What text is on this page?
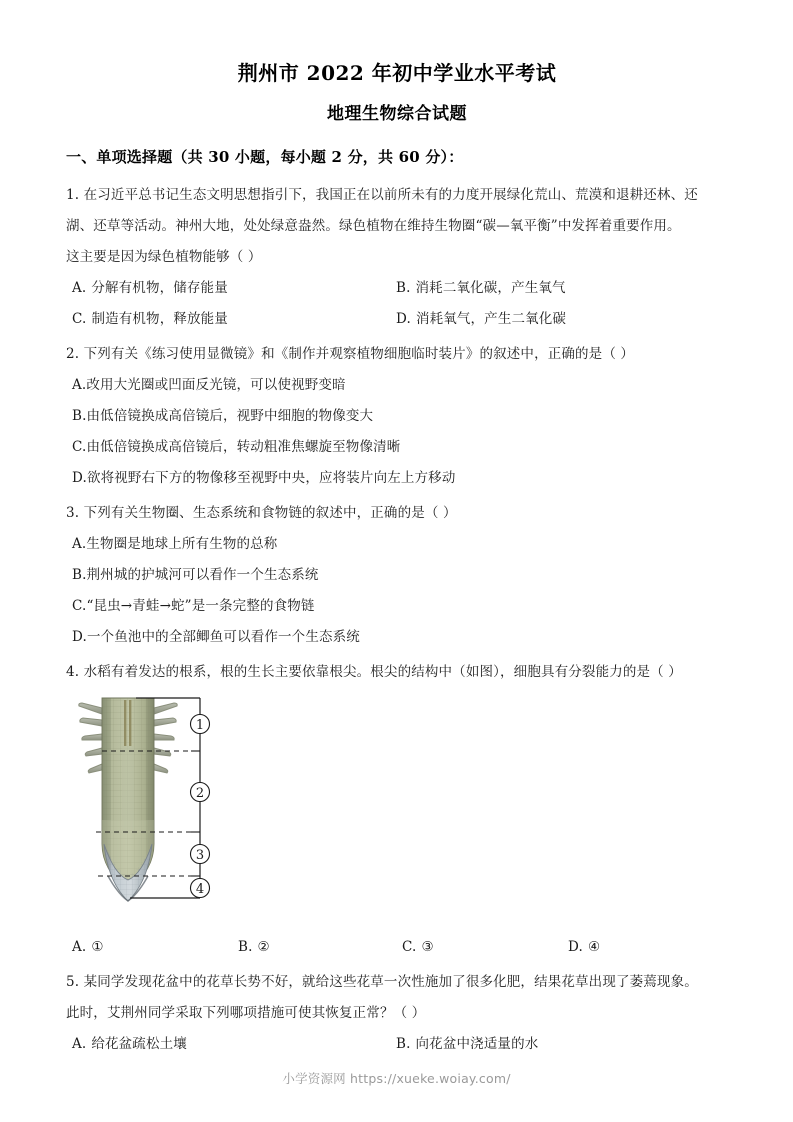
荆州市 2022 年初中学业水平考试
地理生物综合试题
一、单项选择题（共 30 小题，每小题 2 分，共 60 分）：
1. 在习近平总书记生态文明思想指引下，我国正在以前所未有的力度开展绿化荒山、荒漠和退耕还林、还
湖、还草等活动。神州大地，处处绿意盎然。绿色植物在维持生物圈“碳—氧平衡”中发挥着重要作用。
这主要是因为绿色植物能够（ ）
A. 分解有机物，储存能量	B. 消耗二氧化碳，产生氧气
C. 制造有机物，释放能量	D. 消耗氧气，产生二氧化碳
2. 下列有关《练习使用显微镜》和《制作并观察植物细胞临时装片》的叙述中，正确的是（ ）
A.改用大光圈或凹面反光镜，可以使视野变暗
B.由低倍镜换成高倍镜后，视野中细胞的物像变大
C.由低倍镜换成高倍镜后，转动粗准焦螺旋至物像清晰
D.欲将视野右下方的物像移至视野中央，应将装片向左上方移动
3. 下列有关生物圈、生态系统和食物链的叙述中，正确的是（ ）
A.生物圈是地球上所有生物的总称
B.荆州城的护城河可以看作一个生态系统
C.“昆虫→青蛙→蛇”是一条完整的食物链
D.一个鱼池中的全部鲫鱼可以看作一个生态系统
4. 水稻有着发达的根系，根的生长主要依靠根尖。根尖的结构中（如图），细胞具有分裂能力的是（ ）
1
2
3
4
A. ①	B. ②	C. ③	D. ④
5. 某同学发现花盆中的花草长势不好，就给这些花草一次性施加了很多化肥，结果花草出现了萎蔫现象。
此时，艾荆州同学采取下列哪项措施可使其恢复正常？（ ）
A. 给花盆疏松土壤	B. 向花盆中浇适量的水
小学资源网 https://xueke.woiay.com/
